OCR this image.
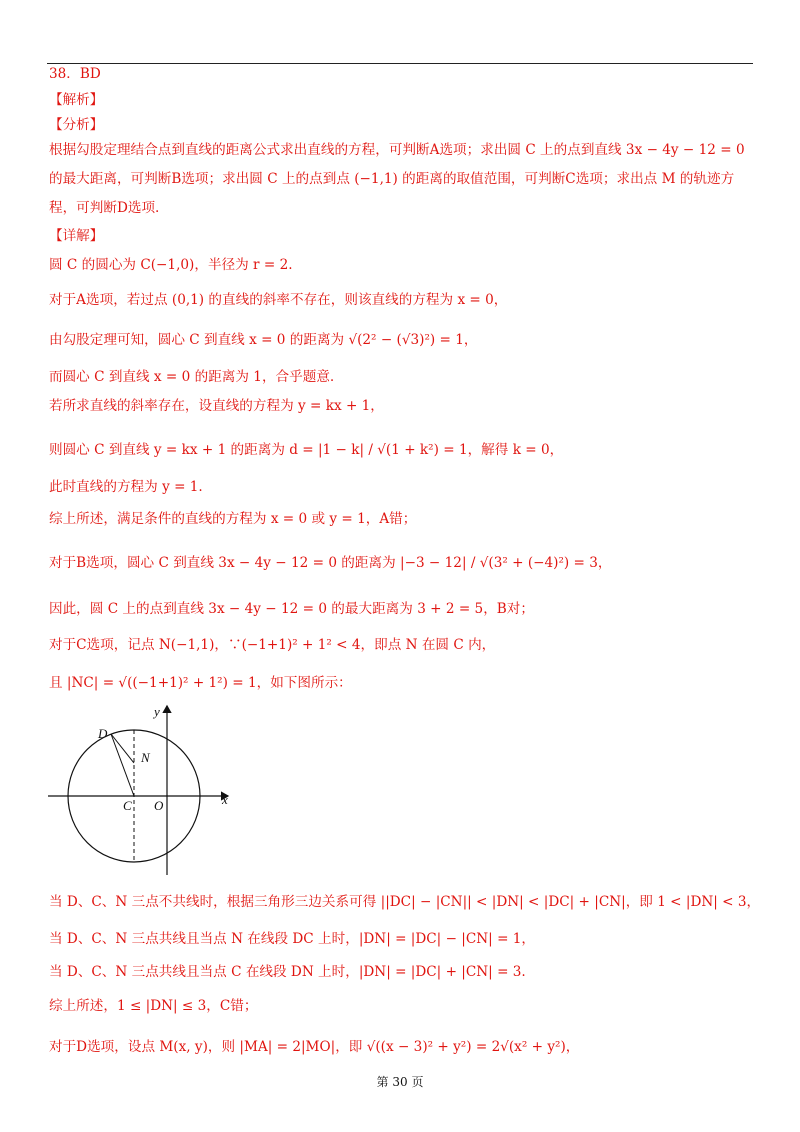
38．BD
【解析】
【分析】
根据勾股定理结合点到直线的距离公式求出直线的方程，可判断A选项；求出圆 C 上的点到直线 3x − 4y − 12 = 0 的最大距离，可判断B选项；求出圆 C 上的点到点 (−1,1) 的距离的取值范围，可判断C选项；求出点 M 的轨迹方程，可判断D选项.
【详解】
圆 C 的圆心为 C(−1,0)，半径为 r = 2.
对于A选项，若过点 (0,1) 的直线的斜率不存在，则该直线的方程为 x = 0，
由勾股定理可知，圆心 C 到直线 x = 0 的距离为 √(2² − (√3)²) = 1，
而圆心 C 到直线 x = 0 的距离为 1，合乎题意.
若所求直线的斜率存在，设直线的方程为 y = kx + 1，
则圆心 C 到直线 y = kx + 1 的距离为 d = |1 − k| / √(1 + k²) = 1，解得 k = 0，
此时直线的方程为 y = 1.
综上所述，满足条件的直线的方程为 x = 0 或 y = 1，A错；
对于B选项，圆心 C 到直线 3x − 4y − 12 = 0 的距离为 |−3 − 12| / √(3² + (−4)²) = 3，
因此，圆 C 上的点到直线 3x − 4y − 12 = 0 的最大距离为 3 + 2 = 5，B对；
对于C选项，记点 N(−1,1)，∵(−1+1)² + 1² < 4，即点 N 在圆 C 内，
且 |NC| = √((−1+1)² + 1²) = 1，如下图所示：
y
x
D
N
C O
当 D、C、N 三点不共线时，根据三角形三边关系可得 ||DC| − |CN|| < |DN| < |DC| + |CN|，即 1 < |DN| < 3，
当 D、C、N 三点共线且当点 N 在线段 DC 上时，|DN| = |DC| − |CN| = 1，
当 D、C、N 三点共线且当点 C 在线段 DN 上时，|DN| = |DC| + |CN| = 3.
综上所述，1 ≤ |DN| ≤ 3，C错；
对于D选项，设点 M(x, y)，则 |MA| = 2|MO|，即 √((x − 3)² + y²) = 2√(x² + y²)，
第 30 页
